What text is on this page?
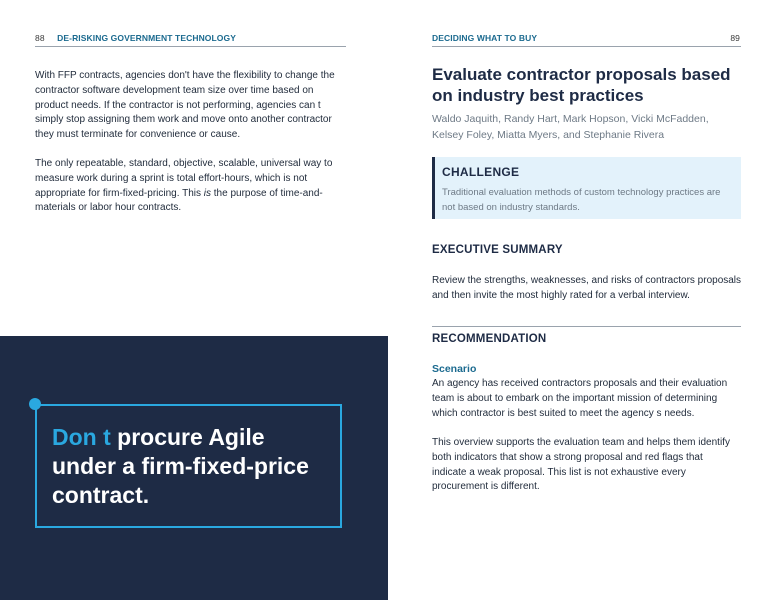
88 DE-RISKING GOVERNMENT TECHNOLOGY

With FFP contracts, agencies don't have the flexibility to change the contractor software development team size over time based on product needs. If the contractor is not performing, agencies can t simply stop assigning them work and move onto another contractor they must terminate for convenience or cause.

The only repeatable, standard, objective, scalable, universal way to measure work during a sprint is total effort-hours, which is not appropriate for firm-fixed-pricing. This is the purpose of time-and-materials or labor hour contracts.

Don t procure Agile under a firm-fixed-price contract.

DECIDING WHAT TO BUY	89
Evaluate contractor proposals based on industry best practices

Waldo Jaquith, Randy Hart, Mark Hopson, Vicki McFadden, Kelsey Foley, Miatta Myers, and Stephanie Rivera

CHALLENGE

Traditional evaluation methods of custom technology practices are not based on industry standards.

EXECUTIVE SUMMARY

Review the strengths, weaknesses, and risks of contractors proposals and then invite the most highly rated for a verbal interview.

RECOMMENDATION
Scenario

An agency has received contractors proposals and their evaluation team is about to embark on the important mission of determining which contractor is best suited to meet the agency s needs.

This overview supports the evaluation team and helps them identify both indicators that show a strong proposal and red flags that indicate a weak proposal. This list is not exhaustive every procurement is different.
